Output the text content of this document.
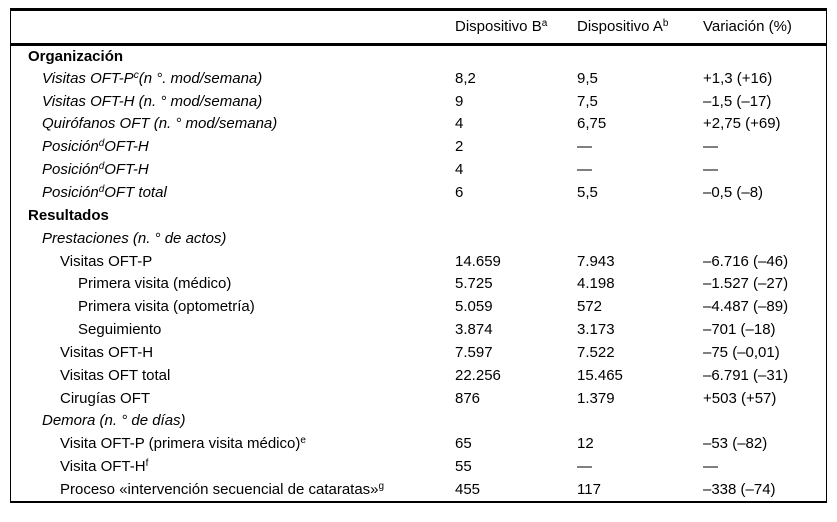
	Dispositivo $B^a$	Dispositivo $A^b$	Variación (%)
Organización			
Visitas OFT-$P^c(n$ °. mod/semana)	8,2	9,5	+1,3 (+16)
Visitas OFT-H (n. ° mod/semana)	9	7,5	–1,5 (–17)
Quirófanos OFT (n. ° mod/semana)	4	6,75	+2,75 (+69)
Posición$^d$OFT-H	2	—	—
Posición$^d$OFT-H	4	—	—
Posición$^d$OFT total	6	5,5	–0,5 (–8)
Resultados			
Prestaciones (n. ° de actos)			
Visitas OFT-P	14.659	7.943	–6.716 (–46)
Primera visita (médico)	5.725	4.198	–1.527 (–27)
Primera visita (optometría)	5.059	572	–4.487 (–89)
Seguimiento	3.874	3.173	–701 (–18)
Visitas OFT-H	7.597	7.522	–75 (–0,01)
Visitas OFT total	22.256	15.465	–6.791 (–31)
Cirugías OFT	876	1.379	+503 (+57)
Demora (n. ° de días)			
Visita OFT-P (primera visita médico)$^e$	65	12	–53 (–82)
Visita OFT-$H^f$	55	—	—
Proceso «intervención secuencial de cataratas»$^g$	455	117	–338 (–74)
